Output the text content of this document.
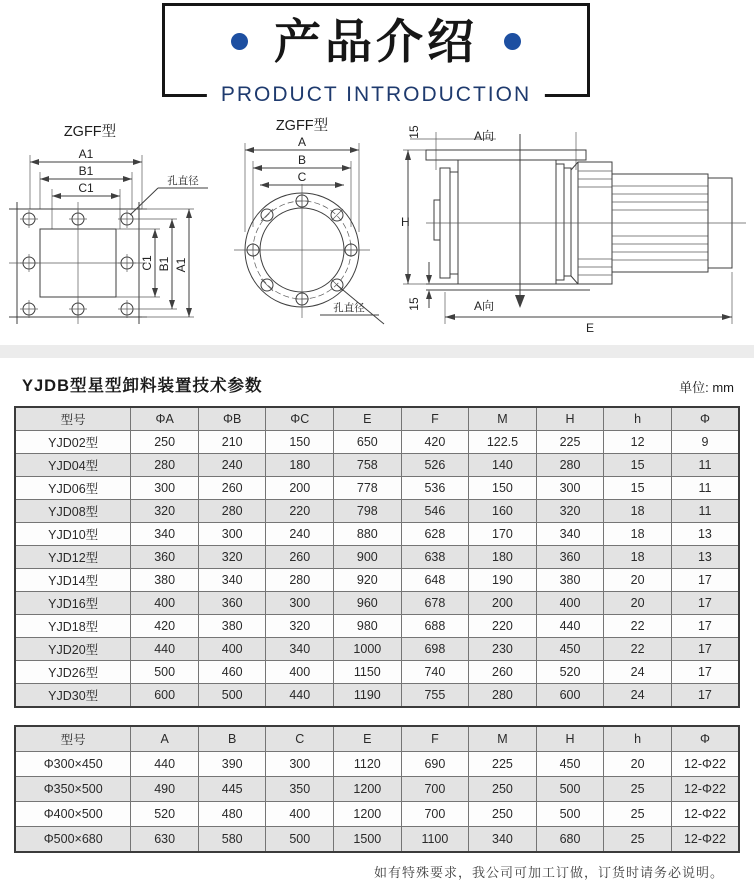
产品介绍
PRODUCT INTRODUCTION
ZGFF型
A1
B1
C1	孔直径
C1 B1 A1
ZGFF型
A
B
C
孔直径
15	A向
H
15	A向
E
YJDB型星型卸料装置技术参数	单位: mm
型号	ΦA	ΦB	ΦC	E	F	M	H	h	Φ
YJD02型	250	210	150	650	420	122.5	225	12	9
YJD04型	280	240	180	758	526	140	280	15	11
YJD06型	300	260	200	778	536	150	300	15	11
YJD08型	320	280	220	798	546	160	320	18	11
YJD10型	340	300	240	880	628	170	340	18	13
YJD12型	360	320	260	900	638	180	360	18	13
YJD14型	380	340	280	920	648	190	380	20	17
YJD16型	400	360	300	960	678	200	400	20	17
YJD18型	420	380	320	980	688	220	440	22	17
YJD20型	440	400	340	1000	698	230	450	22	17
YJD26型	500	460	400	1150	740	260	520	24	17
YJD30型	600	500	440	1190	755	280	600	24	17
型号	A	B	C	E	F	M	H	h	Φ
Φ300×450	440	390	300	1120	690	225	450	20	12-Φ22
Φ350×500	490	445	350	1200	700	250	500	25	12-Φ22
Φ400×500	520	480	400	1200	700	250	500	25	12-Φ22
Φ500×680	630	580	500	1500	1100	340	680	25	12-Φ22
如有特殊要求，我公司可加工订做，订货时请务必说明。
